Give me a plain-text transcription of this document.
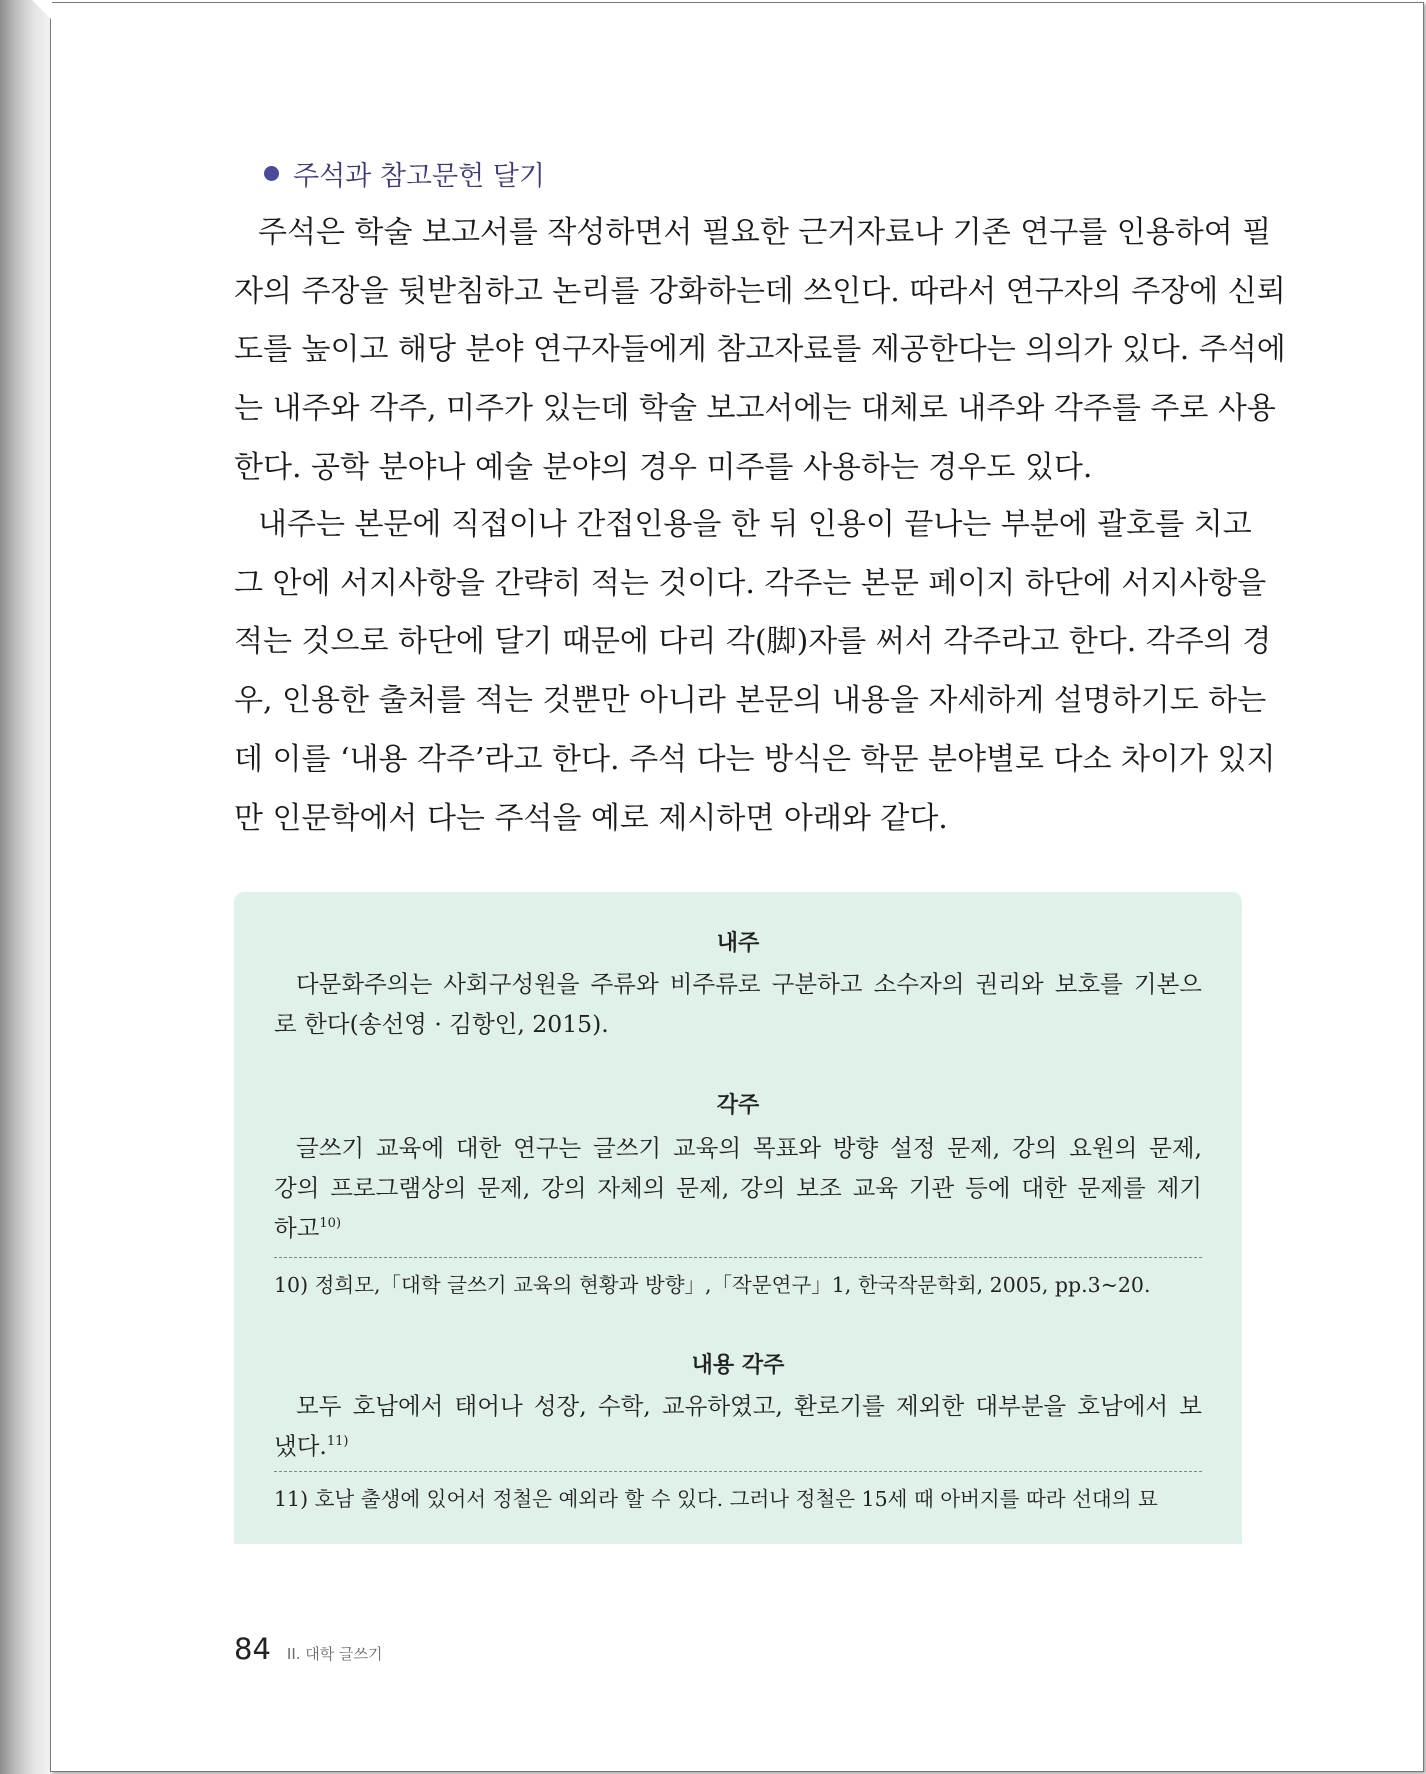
주석과 참고문헌 달기
주석은 학술 보고서를 작성하면서 필요한 근거자료나 기존 연구를 인용하여 필
자의 주장을 뒷받침하고 논리를 강화하는데 쓰인다. 따라서 연구자의 주장에 신뢰
도를 높이고 해당 분야 연구자들에게 참고자료를 제공한다는 의의가 있다. 주석에
는 내주와 각주, 미주가 있는데 학술 보고서에는 대체로 내주와 각주를 주로 사용
한다. 공학 분야나 예술 분야의 경우 미주를 사용하는 경우도 있다.
내주는 본문에 직접이나 간접인용을 한 뒤 인용이 끝나는 부분에 괄호를 치고
그 안에 서지사항을 간략히 적는 것이다. 각주는 본문 페이지 하단에 서지사항을
적는 것으로 하단에 달기 때문에 다리 각(脚)자를 써서 각주라고 한다. 각주의 경
우, 인용한 출처를 적는 것뿐만 아니라 본문의 내용을 자세하게 설명하기도 하는
데 이를 ‘내용 각주’라고 한다. 주석 다는 방식은 학문 분야별로 다소 차이가 있지
만 인문학에서 다는 주석을 예로 제시하면 아래와 같다.
내주
다문화주의는 사회구성원을 주류와 비주류로 구분하고 소수자의 권리와 보호를 기본으
로 한다(송선영 · 김항인, 2015).
각주
글쓰기 교육에 대한 연구는 글쓰기 교육의 목표와 방향 설정 문제, 강의 요원의 문제,
강의 프로그램상의 문제, 강의 자체의 문제, 강의 보조 교육 기관 등에 대한 문제를 제기
하고$^{10)}$
10) 정희모,「대학 글쓰기 교육의 현황과 방향」,「작문연구」1, 한국작문학회, 2005, pp.3~20.
내용 각주
모두 호남에서 태어나 성장, 수학, 교유하였고, 환로기를 제외한 대부분을 호남에서 보
냈다.$^{11)}$
11) 호남 출생에 있어서 정철은 예외라 할 수 있다. 그러나 정철은 15세 때 아버지를 따라 선대의 묘
84 II. 대학 글쓰기
